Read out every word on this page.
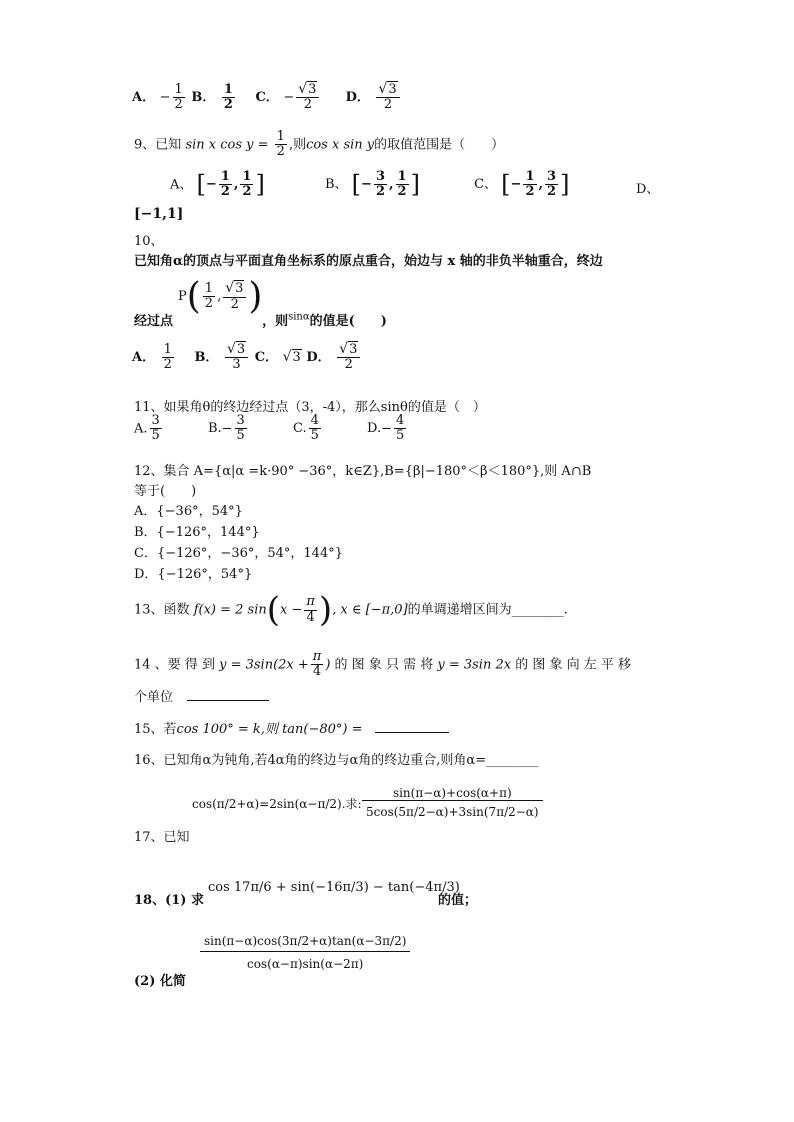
A． − $\frac{1}{2}$ B． $\frac{1}{2}$ C． − $\frac{√3}{2}$ D． $\frac{√3}{2}$
9、已知 sin x $\cos y = \frac{1}{2}$ ,则cos x sin y的取值范围是（　　）
A、 [− $\frac{1}{2}$ , $\frac{1}{2}$ ]	B、 [− $\frac{3}{2}$ , $\frac{1}{2}$ ]	C、 [− $\frac{1}{2}$ , $\frac{3}{2}$ ]	D、
[−1,1]
10、
已知角α的顶点与平面直角坐标系的原点重合，始边与 x 轴的非负半轴重合，终边
$P( \frac{1}{2}$ , $\frac{√3}{2}$ )
经过点	，则$^{sin\alpha}$的值是(　　)
A． $\frac{1}{2}$ B． $\frac{√3}{3}$ C． √3 D． $\frac{√3}{2}$
11、如果角θ的终边经过点（3，-4），那么sinθ的值是（　）
A. $\frac{3}{5}$	$B.- \frac{3}{5}$	C. $\frac{4}{5}$	$D.- \frac{4}{5}$
12、集合 A={α|α =k·90° −36°，k∈Z},B={β|−180°＜β＜180°},则 A∩B
等于(　　)
A．{−36°，54°}
B．{−126°，144°}
C．{−126°，−36°，54°，144°}
D．{−126°，54°}
13、函数 f(x) = 2 $\sin(x - \frac{\pi}{4}$ ), x ∈ [−π,0]的单调递增区间为________.
14 、要 得 到 $y = 3\sin(2x + \frac{\pi}{4}$ ) 的 图 象 只 需 将 y = 3sin 2x 的 图 象 向 左 平 移
个单位
15、若cos 100° = k,则 tan(−80°) =
16、已知角α为钝角,若4α角的终边与α角的终边重合,则角α=________
cos(π/2+α)=2sin(α−π/2).求:
sin(π−α)+cos(α+π)
5cos(5π/2−α)+3sin(7π/2−α)
17、已知
cos 17π/6 + sin(−16π/3) − tan(−4π/3)
18、(1) 求	的值；
sin(π−α)cos(3π/2+α)tan(α−3π/2)
cos(α−π)sin(α−2π)
(2) 化简
